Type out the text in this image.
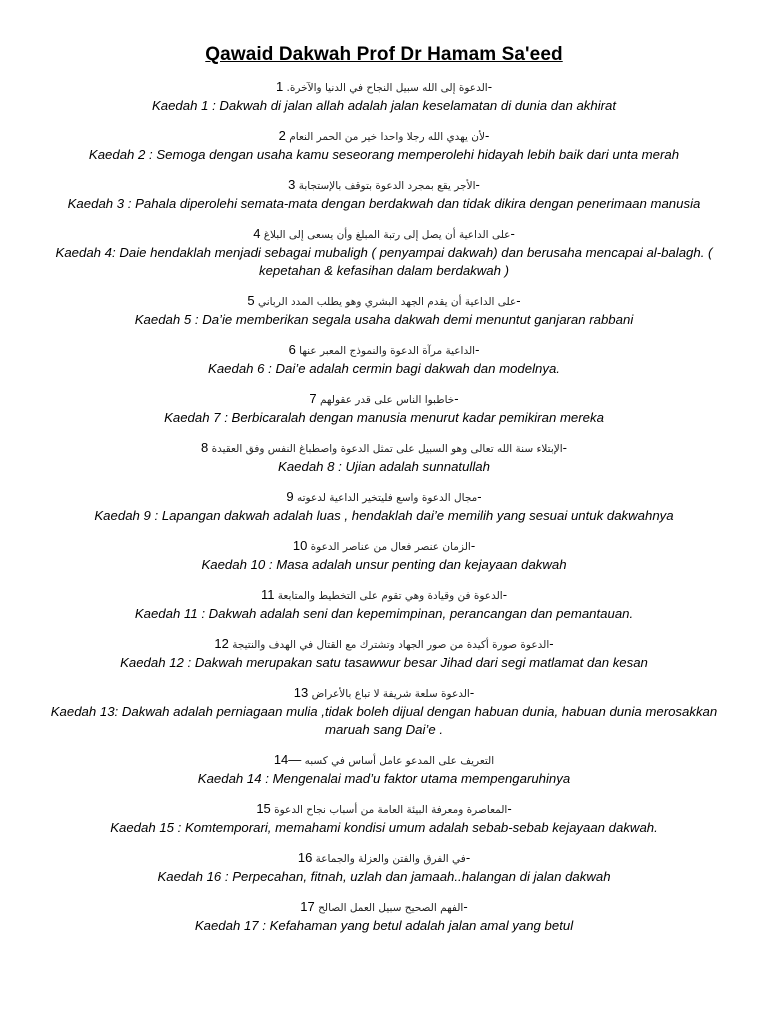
Qawaid Dakwah Prof Dr Hamam Sa'eed
الدعوة إلى الله سبيل النجاح في الدنيا والآخرة. 1-
Kaedah 1 : Dakwah di jalan allah adalah jalan keselamatan di dunia dan akhirat
لأن يهدي الله رجلا واحدا خير من الحمر النعام 2-
Kaedah 2 : Semoga dengan usaha kamu seseorang memperolehi hidayah lebih baik dari unta merah
الأجر يقع بمجرد الدعوة بتوقف بالإستجابة 3-
Kaedah 3 : Pahala diperolehi semata-mata dengan berdakwah dan tidak dikira dengan penerimaan manusia
على الداعية أن يصل إلى رتبة المبلغ وأن يسعى إلى البلاغ 4-
Kaedah 4: Daie hendaklah menjadi sebagai mubaligh ( penyampai dakwah) dan berusaha mencapai al-balagh. ( kepetahan & kefasihan dalam berdakwah )
على الداعية أن يقدم الجهد البشري وهو يطلب المدد الرباني 5-
Kaedah 5 : Da’ie memberikan segala usaha dakwah demi menuntut ganjaran rabbani
الداعية مرآة الدعوة والنموذج المعبر عنها 6-
Kaedah 6 : Dai’e adalah cermin bagi dakwah dan modelnya.
خاطبوا الناس على قدر عقولهم 7-
Kaedah 7 : Berbicaralah dengan manusia menurut kadar pemikiran mereka
الإبتلاء سنة الله تعالى وهو السبيل على تمثل الدعوة واصطباغ النفس وفق العقيدة 8-
Kaedah 8 : Ujian adalah sunnatullah
مجال الدعوة واسع فليتخير الداعية لدعوته 9-
Kaedah 9 : Lapangan dakwah adalah luas , hendaklah dai’e memilih yang sesuai untuk dakwahnya
الزمان عنصر فعال من عناصر الدعوة 10-
Kaedah 10 : Masa adalah unsur penting dan kejayaan dakwah
الدعوة فن وقيادة وهي تقوم على التخطيط والمتابعة 11-
Kaedah 11 : Dakwah adalah seni dan kepemimpinan, perancangan dan pemantauan.
الدعوة صورة أكيدة من صور الجهاد وتشترك مع القتال في الهدف والنتيجة 12-
Kaedah 12 : Dakwah merupakan satu tasawwur besar Jihad dari segi matlamat dan kesan
الدعوة سلعة شريفة لا تباع بالأعراض 13-
Kaedah 13: Dakwah adalah perniagaan mulia ,tidak boleh dijual dengan habuan dunia, habuan dunia merosakkan maruah sang Dai’e .
التعريف على المدعو عامل أساس في كسبه —14
Kaedah 14 : Mengenalai mad’u faktor utama mempengaruhinya
المعاصرة ومعرفة البيئة العامة من أسباب نجاح الدعوة 15-
Kaedah 15 : Komtemporari, memahami kondisi umum adalah sebab-sebab kejayaan dakwah.
في الفرق والفتن والعزلة والجماعة 16-
Kaedah 16 : Perpecahan, fitnah, uzlah dan jamaah..halangan di jalan dakwah
الفهم الصحيح سبيل العمل الصالح 17-
Kaedah 17 : Kefahaman yang betul adalah jalan amal yang betul
